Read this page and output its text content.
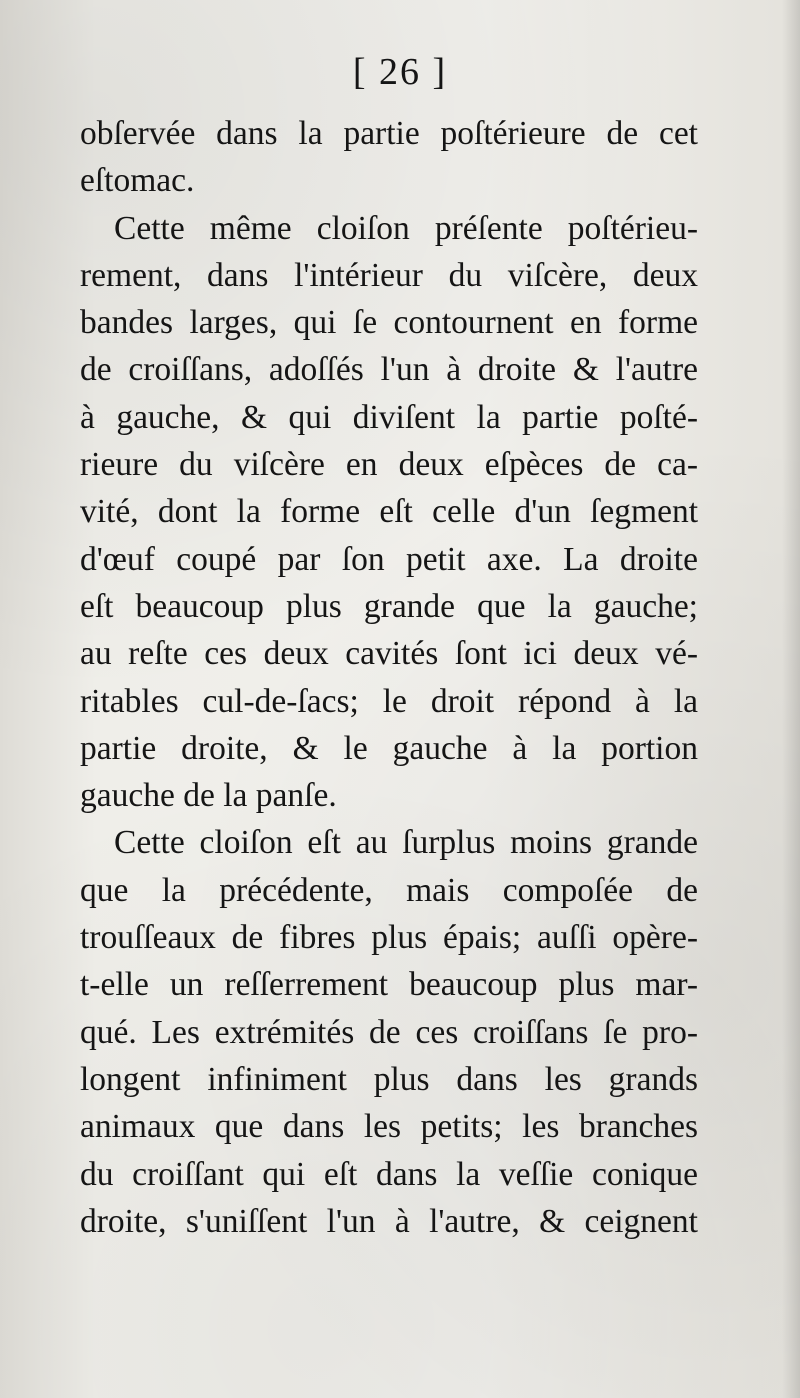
[ 26 ]
obſervée dans la partie poſtérieure de cet
eſtomac.
Cette même cloiſon préſente poſtérieu-
rement, dans l'intérieur du viſcère, deux
bandes larges, qui ſe contournent en forme
de croiſſans, adoſſés l'un à droite & l'autre
à gauche, & qui diviſent la partie poſté-
rieure du viſcère en deux eſpèces de ca-
vité, dont la forme eſt celle d'un ſegment
d'œuf coupé par ſon petit axe. La droite
eſt beaucoup plus grande que la gauche;
au reſte ces deux cavités ſont ici deux vé-
ritables cul-de-ſacs; le droit répond à la
partie droite, & le gauche à la portion
gauche de la panſe.
Cette cloiſon eſt au ſurplus moins grande
que la précédente, mais compoſée de
trouſſeaux de fibres plus épais; auſſi opère-
t-elle un reſſerrement beaucoup plus mar-
qué. Les extrémités de ces croiſſans ſe pro-
longent infiniment plus dans les grands
animaux que dans les petits; les branches
du croiſſant qui eſt dans la veſſie conique
droite, s'uniſſent l'un à l'autre, & ceignent
